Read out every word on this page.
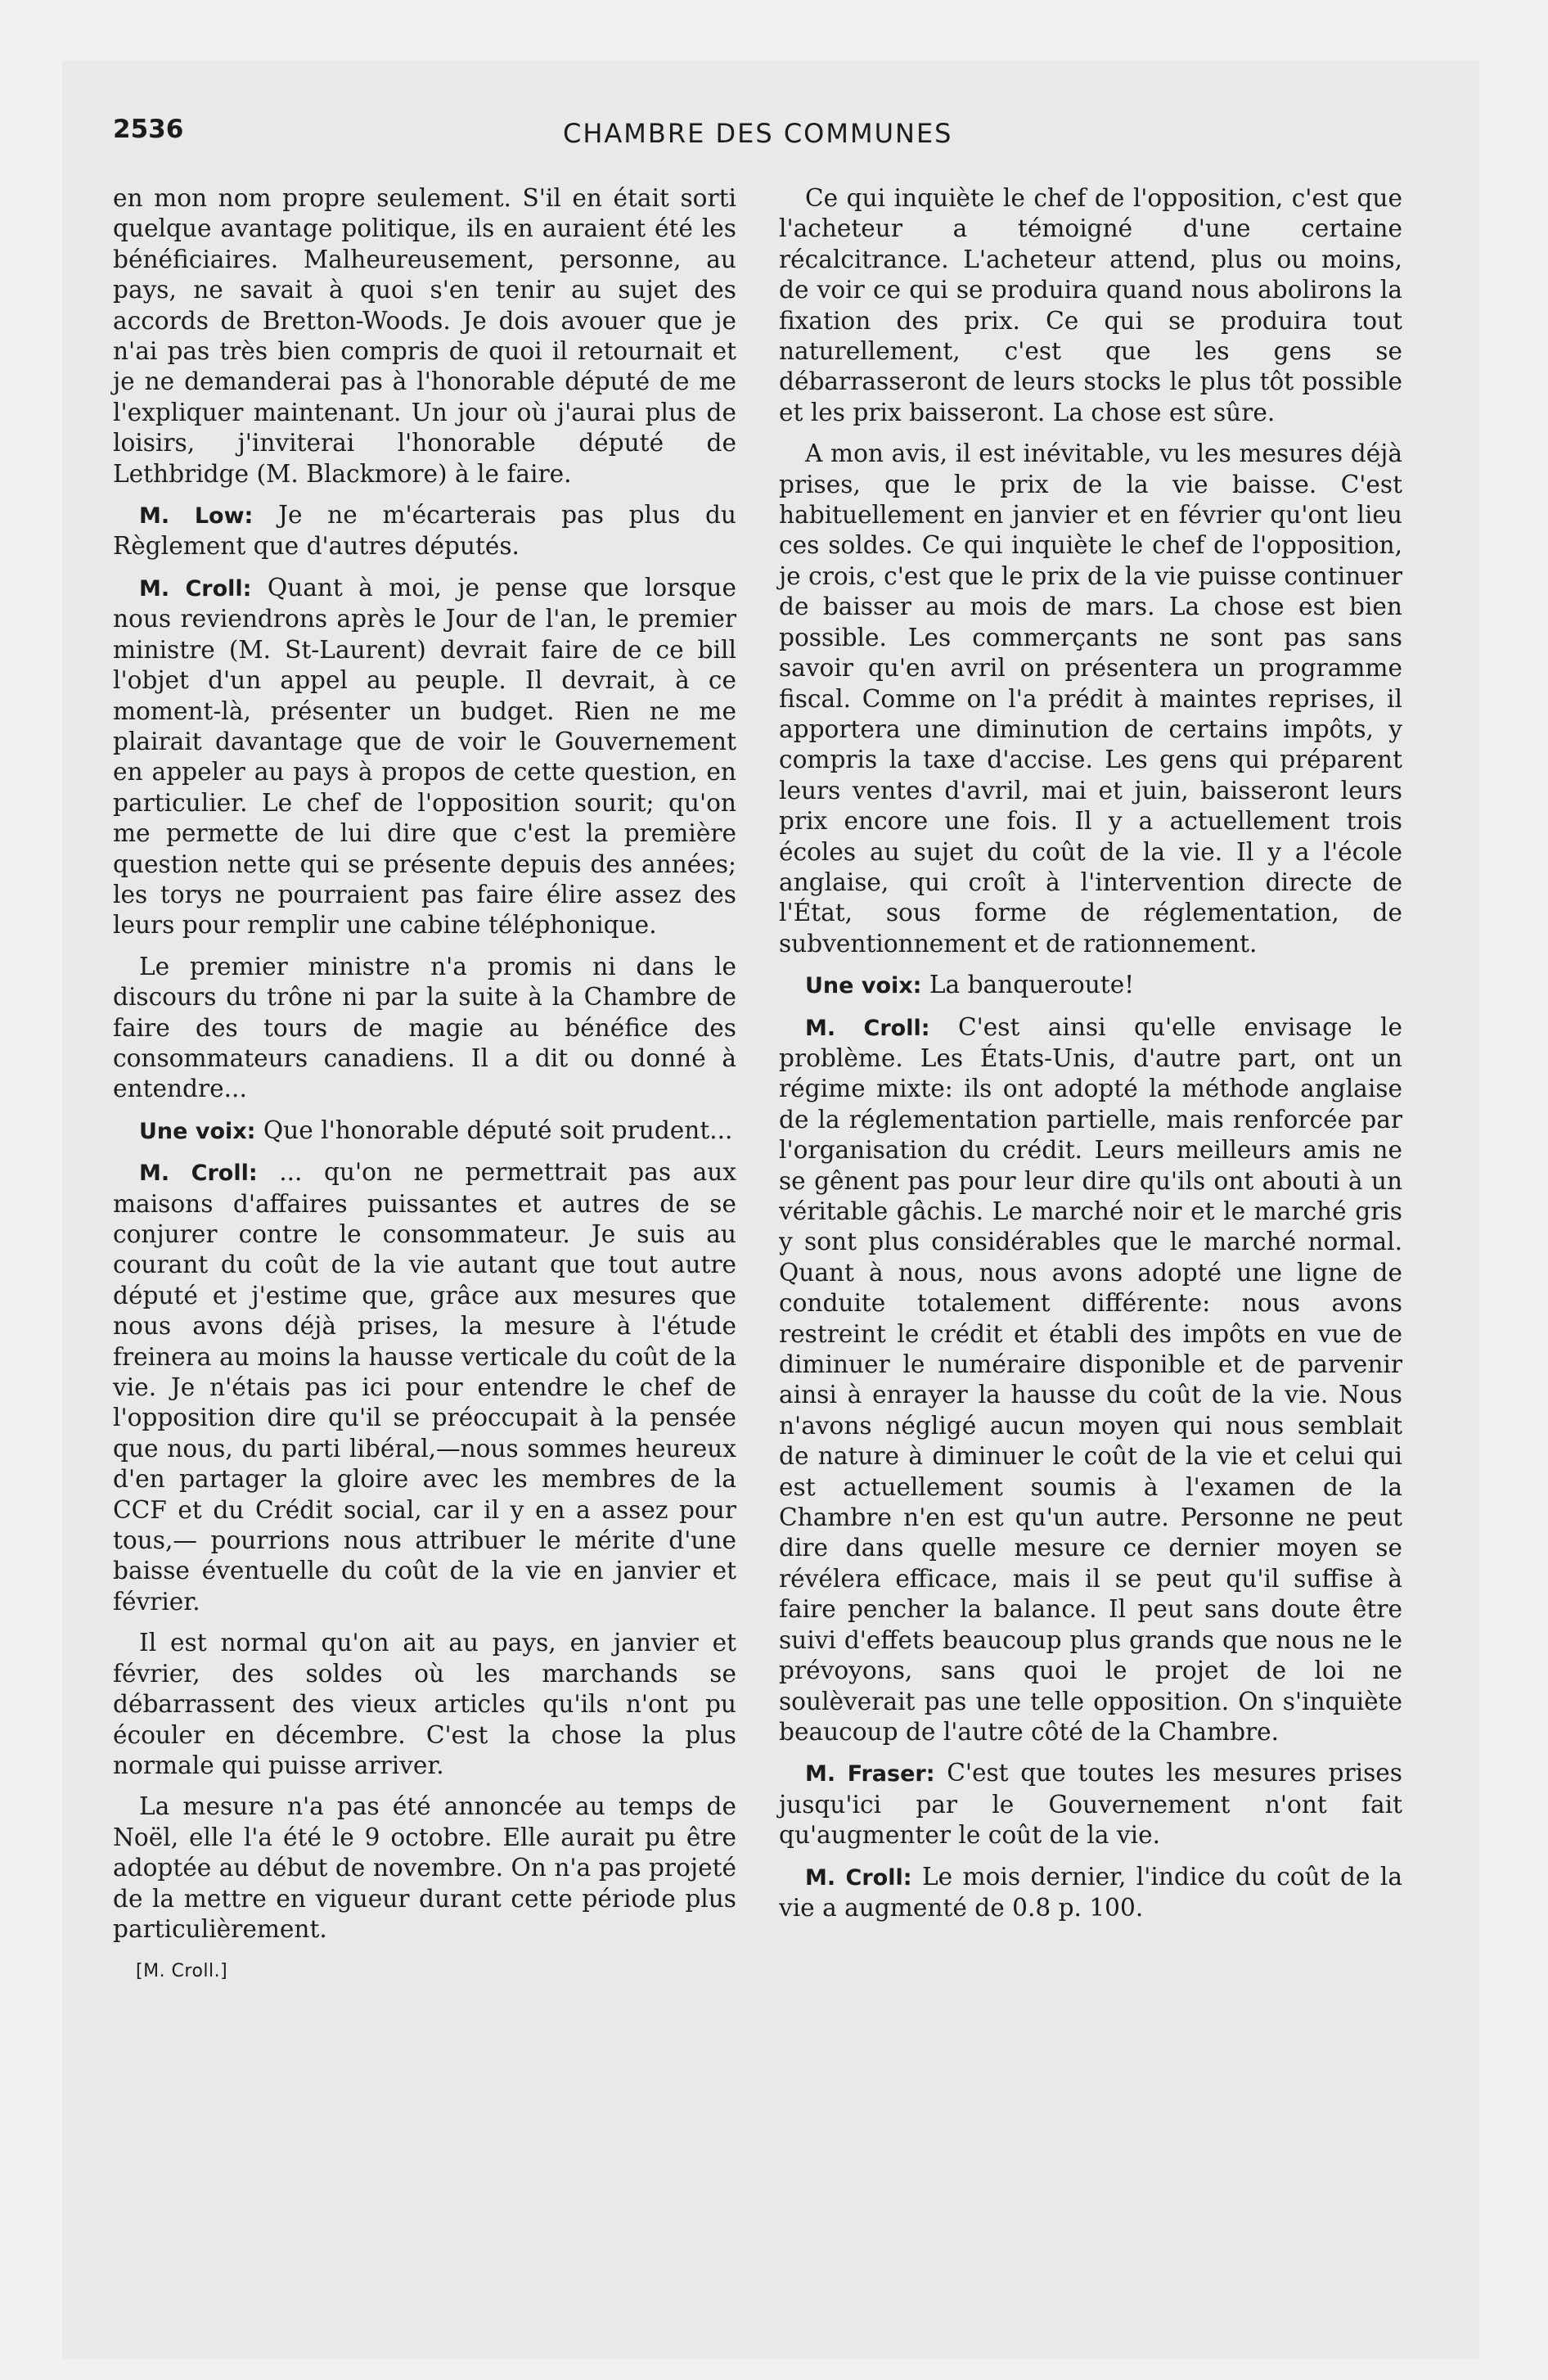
2536	CHAMBRE DES COMMUNES

en mon nom propre seulement. S'il en était sorti quelque avantage politique, ils en auraient été les bénéficiaires. Malheureusement, personne, au pays, ne savait à quoi s'en tenir au sujet des accords de Bretton-Woods. Je dois avouer que je n'ai pas très bien compris de quoi il retournait et je ne demanderai pas à l'honorable député de me l'expliquer maintenant. Un jour où j'aurai plus de loisirs, j'inviterai l'honorable député de Lethbridge (M. Blackmore) à le faire.

M. Low: Je ne m'écarterais pas plus du Règlement que d'autres députés.

M. Croll: Quant à moi, je pense que lorsque nous reviendrons après le Jour de l'an, le premier ministre (M. St-Laurent) devrait faire de ce bill l'objet d'un appel au peuple. Il devrait, à ce moment-là, présenter un budget. Rien ne me plairait davantage que de voir le Gouvernement en appeler au pays à propos de cette question, en particulier. Le chef de l'opposition sourit; qu'on me permette de lui dire que c'est la première question nette qui se présente depuis des années; les torys ne pourraient pas faire élire assez des leurs pour remplir une cabine téléphonique.

Le premier ministre n'a promis ni dans le discours du trône ni par la suite à la Chambre de faire des tours de magie au bénéfice des consommateurs canadiens. Il a dit ou donné à entendre...

Une voix: Que l'honorable député soit prudent...

M. Croll: ... qu'on ne permettrait pas aux maisons d'affaires puissantes et autres de se conjurer contre le consommateur. Je suis au courant du coût de la vie autant que tout autre député et j'estime que, grâce aux mesures que nous avons déjà prises, la mesure à l'étude freinera au moins la hausse verticale du coût de la vie. Je n'étais pas ici pour entendre le chef de l'opposition dire qu'il se préoccupait à la pensée que nous, du parti libéral,—nous sommes heureux d'en partager la gloire avec les membres de la CCF et du Crédit social, car il y en a assez pour tous,— pourrions nous attribuer le mérite d'une baisse éventuelle du coût de la vie en janvier et février.

Il est normal qu'on ait au pays, en janvier et février, des soldes où les marchands se débarrassent des vieux articles qu'ils n'ont pu écouler en décembre. C'est la chose la plus normale qui puisse arriver.

La mesure n'a pas été annoncée au temps de Noël, elle l'a été le 9 octobre. Elle aurait pu être adoptée au début de novembre. On n'a pas projeté de la mettre en vigueur durant cette période plus particulièrement.

[M. Croll.]

Ce qui inquiète le chef de l'opposition, c'est que l'acheteur a témoigné d'une certaine récalcitrance. L'acheteur attend, plus ou moins, de voir ce qui se produira quand nous abolirons la fixation des prix. Ce qui se produira tout naturellement, c'est que les gens se débarrasseront de leurs stocks le plus tôt possible et les prix baisseront. La chose est sûre.

A mon avis, il est inévitable, vu les mesures déjà prises, que le prix de la vie baisse. C'est habituellement en janvier et en février qu'ont lieu ces soldes. Ce qui inquiète le chef de l'opposition, je crois, c'est que le prix de la vie puisse continuer de baisser au mois de mars. La chose est bien possible. Les commerçants ne sont pas sans savoir qu'en avril on présentera un programme fiscal. Comme on l'a prédit à maintes reprises, il apportera une diminution de certains impôts, y compris la taxe d'accise. Les gens qui préparent leurs ventes d'avril, mai et juin, baisseront leurs prix encore une fois. Il y a actuellement trois écoles au sujet du coût de la vie. Il y a l'école anglaise, qui croît à l'intervention directe de l'État, sous forme de réglementation, de subventionnement et de rationnement.

Une voix: La banqueroute!

M. Croll: C'est ainsi qu'elle envisage le problème. Les États-Unis, d'autre part, ont un régime mixte: ils ont adopté la méthode anglaise de la réglementation partielle, mais renforcée par l'organisation du crédit. Leurs meilleurs amis ne se gênent pas pour leur dire qu'ils ont abouti à un véritable gâchis. Le marché noir et le marché gris y sont plus considérables que le marché normal. Quant à nous, nous avons adopté une ligne de conduite totalement différente: nous avons restreint le crédit et établi des impôts en vue de diminuer le numéraire disponible et de parvenir ainsi à enrayer la hausse du coût de la vie. Nous n'avons négligé aucun moyen qui nous semblait de nature à diminuer le coût de la vie et celui qui est actuellement soumis à l'examen de la Chambre n'en est qu'un autre. Personne ne peut dire dans quelle mesure ce dernier moyen se révélera efficace, mais il se peut qu'il suffise à faire pencher la balance. Il peut sans doute être suivi d'effets beaucoup plus grands que nous ne le prévoyons, sans quoi le projet de loi ne soulèverait pas une telle opposition. On s'inquiète beaucoup de l'autre côté de la Chambre.

M. Fraser: C'est que toutes les mesures prises jusqu'ici par le Gouvernement n'ont fait qu'augmenter le coût de la vie.

M. Croll: Le mois dernier, l'indice du coût de la vie a augmenté de 0.8 p. 100.
